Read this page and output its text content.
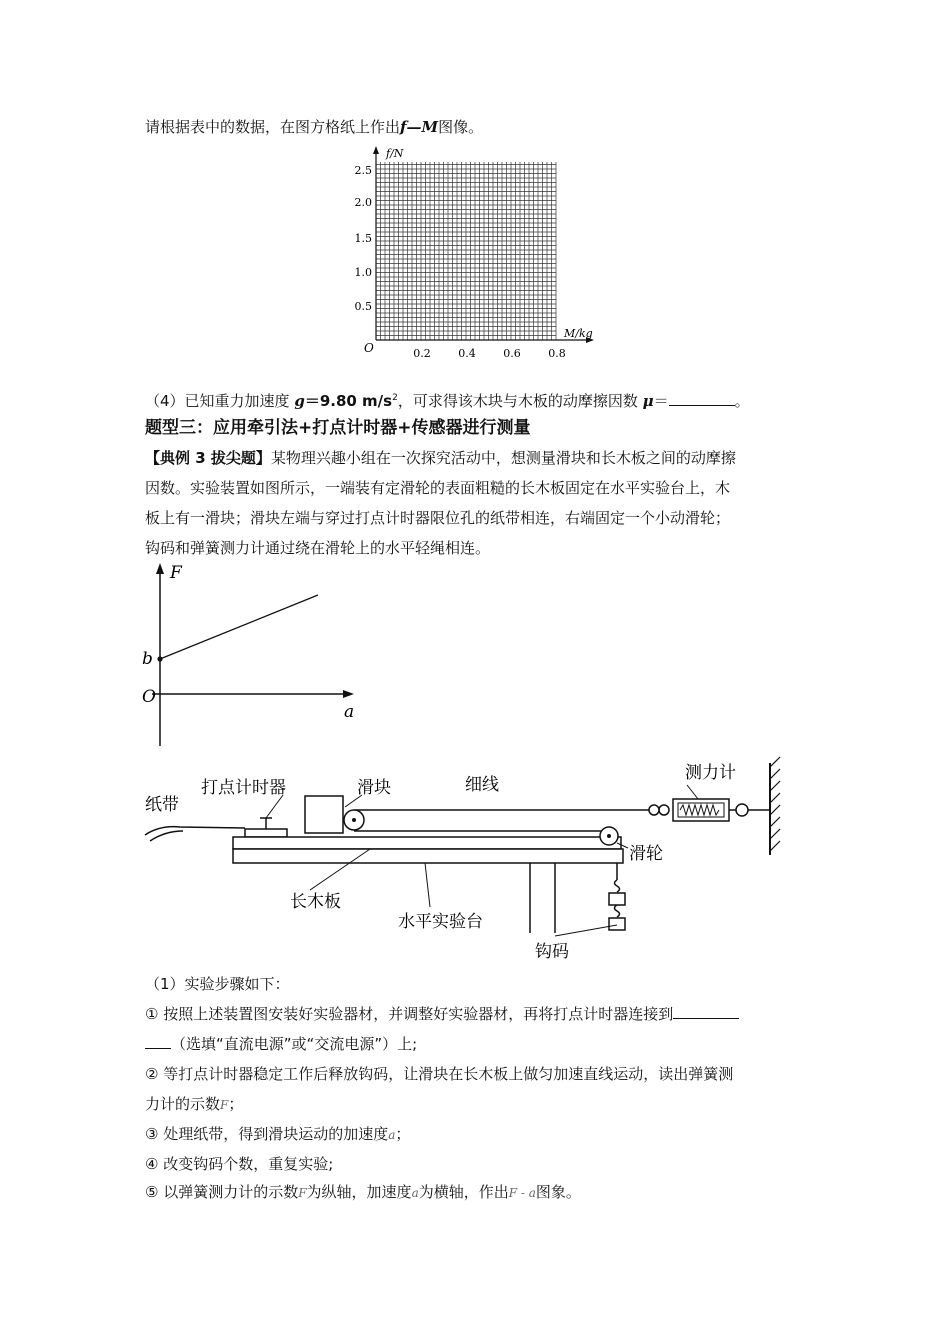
请根据表中的数据，在图方格纸上作出f—M图像。
f/N
M/kg
O
2.5
2.0
1.5
1.0
0.5
0.2	0.4	0.6	0.8
（4）已知重力加速度 g＝9.80 $m/s^2$，可求得该木块与木板的动摩擦因数 μ＝	。
题型三：应用牵引法+打点计时器+传感器进行测量
【典例 3 拔尖题】某物理兴趣小组在一次探究活动中，想测量滑块和长木板之间的动摩擦
因数。实验装置如图所示，一端装有定滑轮的表面粗糙的长木板固定在水平实验台上，木
板上有一滑块；滑块左端与穿过打点计时器限位孔的纸带相连，右端固定一个小动滑轮；
钩码和弹簧测力计通过绕在滑轮上的水平轻绳相连。
F
a
O
b
纸带
打点计时器	滑块	细线
测力计
滑轮
长木板
水平实验台
钩码
（1）实验步骤如下：
① 按照上述装置图安装好实验器材，并调整好实验器材，再将打点计时器连接到
（选填“直流电源”或“交流电源”）上;
② 等打点计时器稳定工作后释放钩码，让滑块在长木板上做匀加速直线运动，读出弹簧测
力计的示数F；
③ 处理纸带，得到滑块运动的加速度a；
④ 改变钩码个数，重复实验;
⑤ 以弹簧测力计的示数F为纵轴，加速度a为横轴，作出F - a图象。
